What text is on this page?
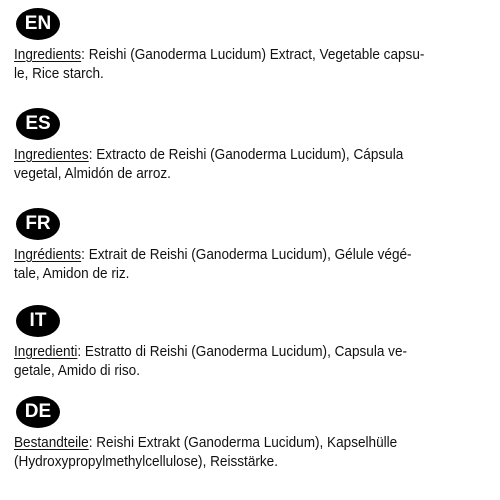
EN
Ingredients: Reishi (Ganoderma Lucidum) Extract, Vegetable capsu-
le, Rice starch.
ES
Ingredientes: Extracto de Reishi (Ganoderma Lucidum), Cápsula
vegetal, Almidón de arroz.
FR
Ingrédients: Extrait de Reishi (Ganoderma Lucidum), Gélule végé-
tale, Amidon de riz.
IT
Ingredienti: Estratto di Reishi (Ganoderma Lucidum), Capsula ve-
getale, Amido di riso.
DE
Bestandteile: Reishi Extrakt (Ganoderma Lucidum), Kapselhülle
(Hydroxypropylmethylcellulose), Reisstärke.
